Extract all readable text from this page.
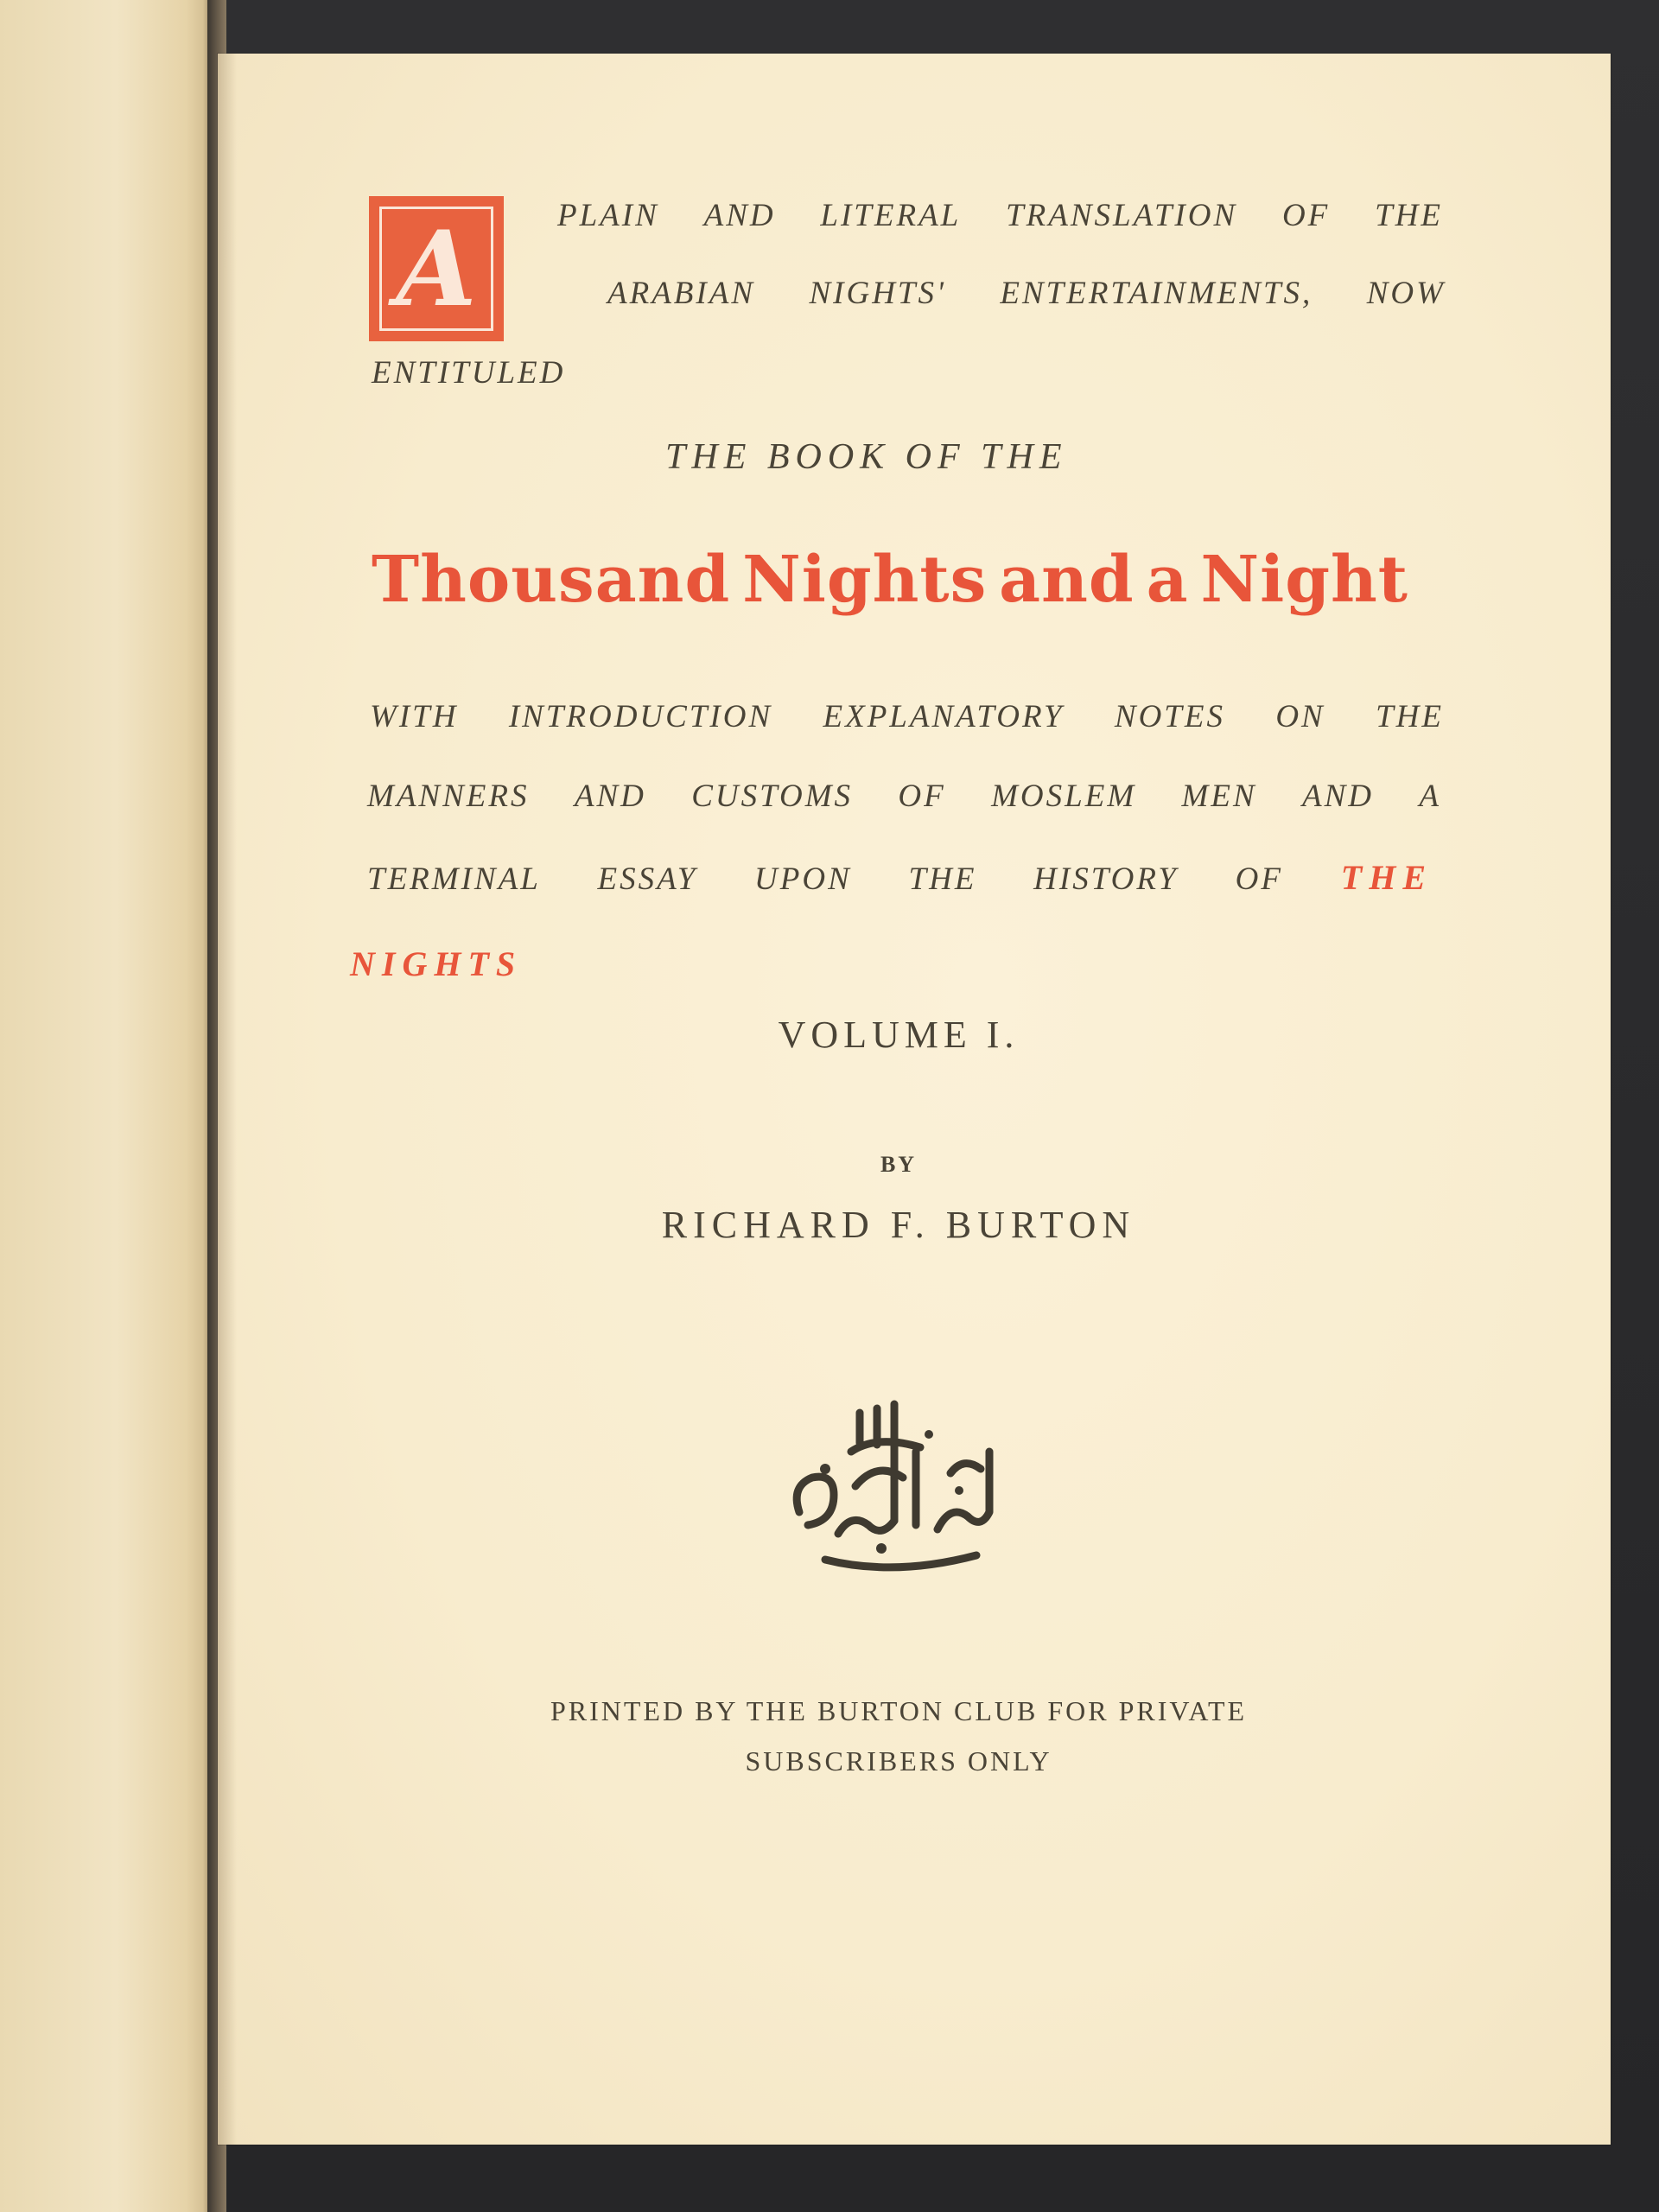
A	PLAIN AND LITERAL TRANSLATION OF THE
ARABIAN NIGHTS' ENTERTAINMENTS, NOW
ENTITULED
THE BOOK OF THE
Thousand Nights and a Night
WITH INTRODUCTION EXPLANATORY NOTES ON THE
MANNERS AND CUSTOMS OF MOSLEM MEN AND A
TERMINAL ESSAY UPON THE HISTORY OF THE
NIGHTS
VOLUME I.
BY
RICHARD F. BURTON
PRINTED BY THE BURTON CLUB FOR PRIVATE
SUBSCRIBERS ONLY
